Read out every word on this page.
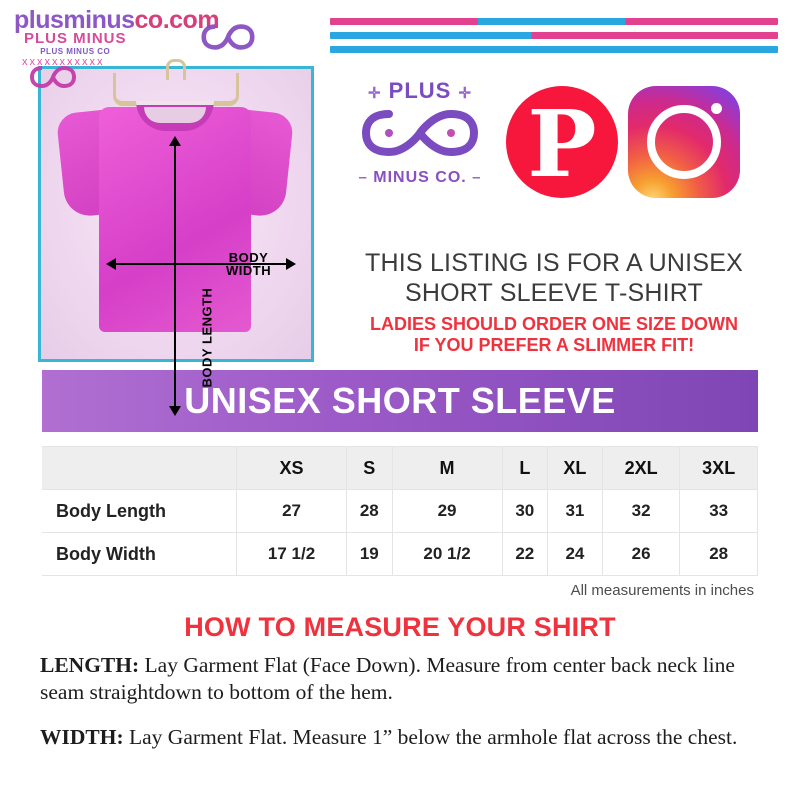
plusminusco.com
PLUS MINUS
PLUS MINUS CO
xxxxxxxxxxx
BODY
WIDTH
BODY LENGTH
✛ PLUS ✛
– MINUS CO. – P
THIS LISTING IS FOR A UNISEX
SHORT SLEEVE T-SHIRT
LADIES SHOULD ORDER ONE SIZE DOWN
IF YOU PREFER A SLIMMER FIT!
UNISEX SHORT SLEEVE
	XS	S	M	L	XL	2XL	3XL
Body Length	27	28	29	30	31	32	33
Body Width	17 1/2	19	20 1/2	22	24	26	28
All measurements in inches
HOW TO MEASURE YOUR SHIRT

LENGTH: Lay Garment Flat (Face Down). Measure from center back neck line seam straightdown to bottom of the hem.

WIDTH: Lay Garment Flat. Measure 1” below the armhole flat across the chest.
